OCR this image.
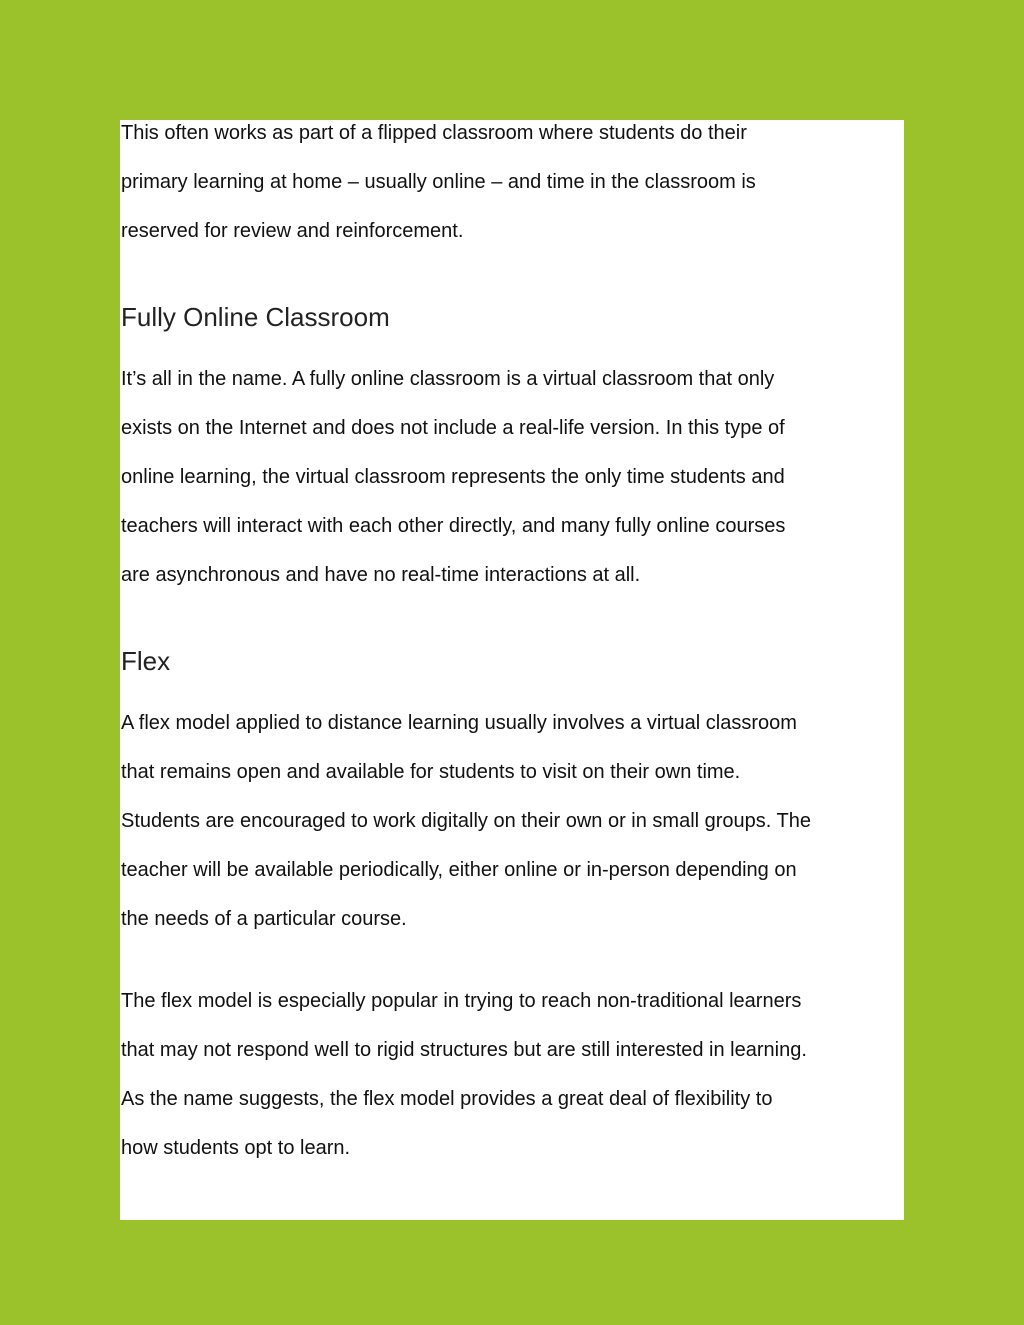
This often works as part of a flipped classroom where students do their

primary learning at home – usually online – and time in the classroom is

reserved for review and reinforcement.

Fully Online Classroom

It’s all in the name. A fully online classroom is a virtual classroom that only

exists on the Internet and does not include a real-life version. In this type of

online learning, the virtual classroom represents the only time students and

teachers will interact with each other directly, and many fully online courses

are asynchronous and have no real-time interactions at all.

Flex

A flex model applied to distance learning usually involves a virtual classroom

that remains open and available for students to visit on their own time.

Students are encouraged to work digitally on their own or in small groups. The

teacher will be available periodically, either online or in-person depending on

the needs of a particular course.

The flex model is especially popular in trying to reach non-traditional learners

that may not respond well to rigid structures but are still interested in learning.

As the name suggests, the flex model provides a great deal of flexibility to

how students opt to learn.
